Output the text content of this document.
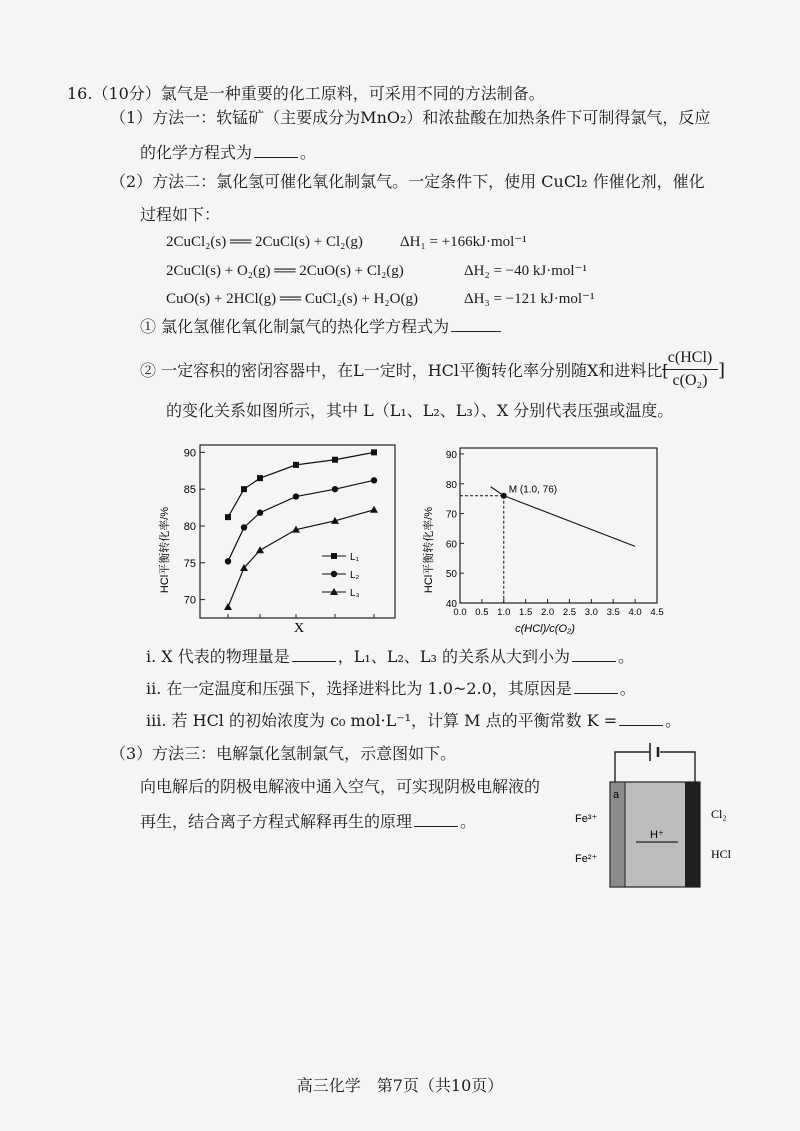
16.（10分）氯气是一种重要的化工原料，可采用不同的方法制备。
（1）方法一：软锰矿（主要成分为MnO₂）和浓盐酸在加热条件下可制得氯气，反应
的化学方程式为	。
（2）方法二：氯化氢可催化氧化制氯气。一定条件下，使用 CuCl₂ 作催化剂，催化
过程如下：
2CuCl₂(s) ══ 2CuCl(s) + Cl₂(g) ΔH₁ = +166kJ·mol⁻¹
2CuCl(s) + O₂(g) ══ 2CuO(s) + Cl₂(g)	ΔH₂ = −40 kJ·mol⁻¹
CuO(s) + 2HCl(g) ══ CuCl₂(s) + H₂O(g)	ΔH₃ = −121 kJ·mol⁻¹
① 氯化氢催化氧化制氯气的热化学方程式为
② 一定容积的密闭容器中，在L一定时，HCl平衡转化率分别随X和进料比[
c(HCl)
c(O₂) ]
的变化关系如图所示，其中 L（L₁、L₂、L₃）、X 分别代表压强或温度。
70
75
80
85
90
L₁
L₂
L₃
HCl平衡转化率/%
X
40
50
60
70
80
90
0.0 0.5 1.0 1.5 2.0 2.5 3.0 3.5 4.0 4.5
HCl平衡转化率/%
c(HCl)/c(O₂)
M (1.0, 76)
i. X 代表的物理量是	，L₁、L₂、L₃ 的关系从大到小为	。
ii. 在一定温度和压强下，选择进料比为 1.0~2.0，其原因是	。
iii. 若 HCl 的初始浓度为 c₀ mol·L⁻¹，计算 M 点的平衡常数 K =	。
（3）方法三：电解氯化氢制氯气，示意图如下。
向电解后的阴极电解液中通入空气，可实现阴极电解液的
再生，结合离子方程式解释再生的原理	。
a
H⁺
Fe³⁺
Fe²⁺
Cl₂
HCl
高三化学　第7页（共10页）
